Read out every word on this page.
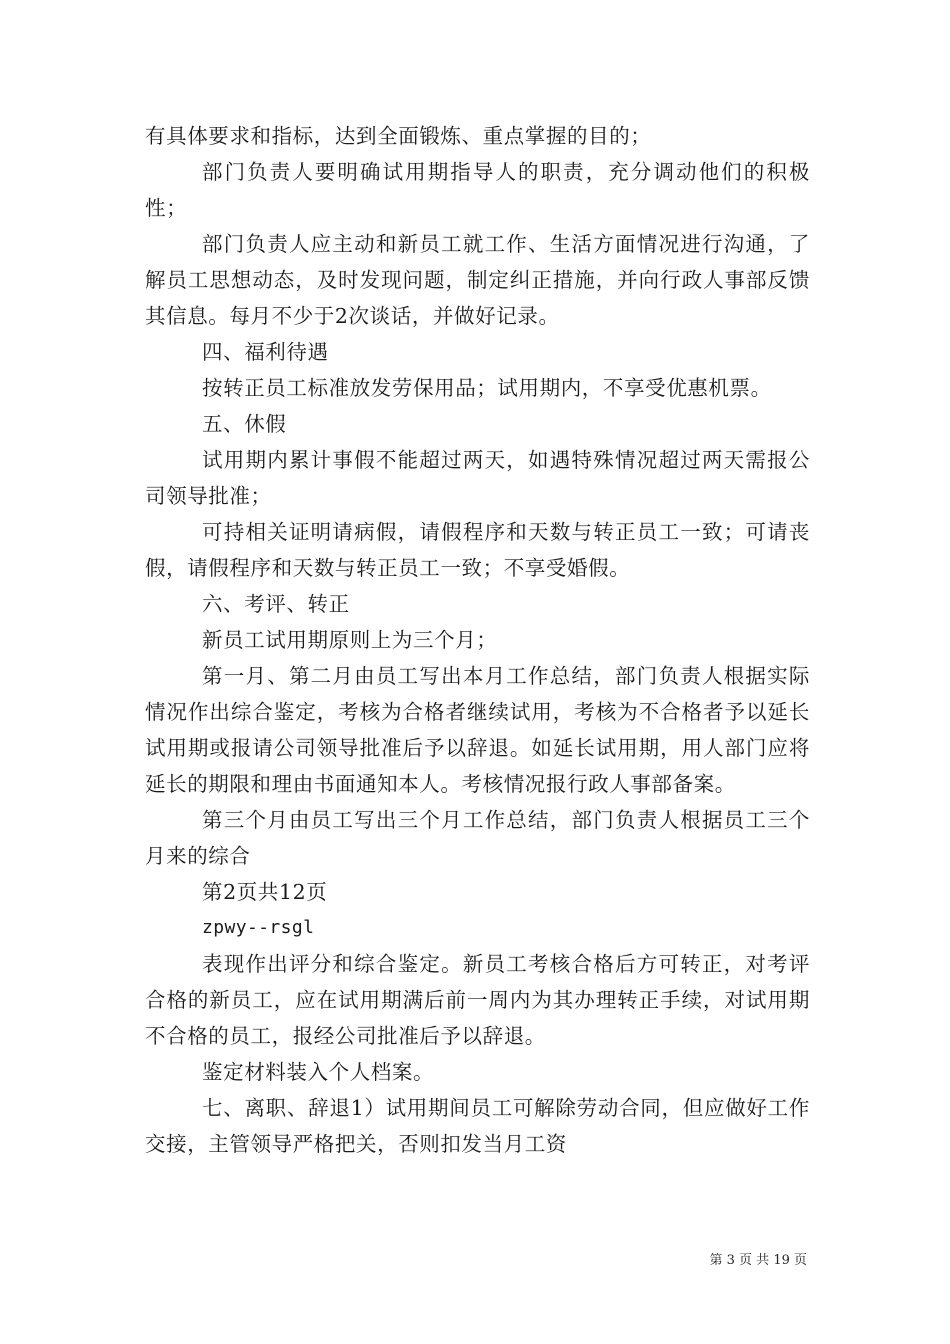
有具体要求和指标，达到全面锻炼、重点掌握的目的；

部门负责人要明确试用期指导人的职责，充分调动他们的积极性；

部门负责人应主动和新员工就工作、生活方面情况进行沟通，了解员工思想动态，及时发现问题，制定纠正措施，并向行政人事部反馈其信息。每月不少于2次谈话，并做好记录。

四、福利待遇

按转正员工标准放发劳保用品；试用期内，不享受优惠机票。

五、休假

试用期内累计事假不能超过两天，如遇特殊情况超过两天需报公司领导批准；

可持相关证明请病假，请假程序和天数与转正员工一致；可请丧假，请假程序和天数与转正员工一致；不享受婚假。

六、考评、转正

新员工试用期原则上为三个月；

第一月、第二月由员工写出本月工作总结，部门负责人根据实际情况作出综合鉴定，考核为合格者继续试用，考核为不合格者予以延长试用期或报请公司领导批准后予以辞退。如延长试用期，用人部门应将延长的期限和理由书面通知本人。考核情况报行政人事部备案。

第三个月由员工写出三个月工作总结，部门负责人根据员工三个月来的综合

第2页共12页

zpwy--rsgl

表现作出评分和综合鉴定。新员工考核合格后方可转正，对考评合格的新员工，应在试用期满后前一周内为其办理转正手续，对试用期不合格的员工，报经公司批准后予以辞退。

鉴定材料装入个人档案。

七、离职、辞退1）试用期间员工可解除劳动合同，但应做好工作交接，主管领导严格把关，否则扣发当月工资

第 3 页 共 19 页
